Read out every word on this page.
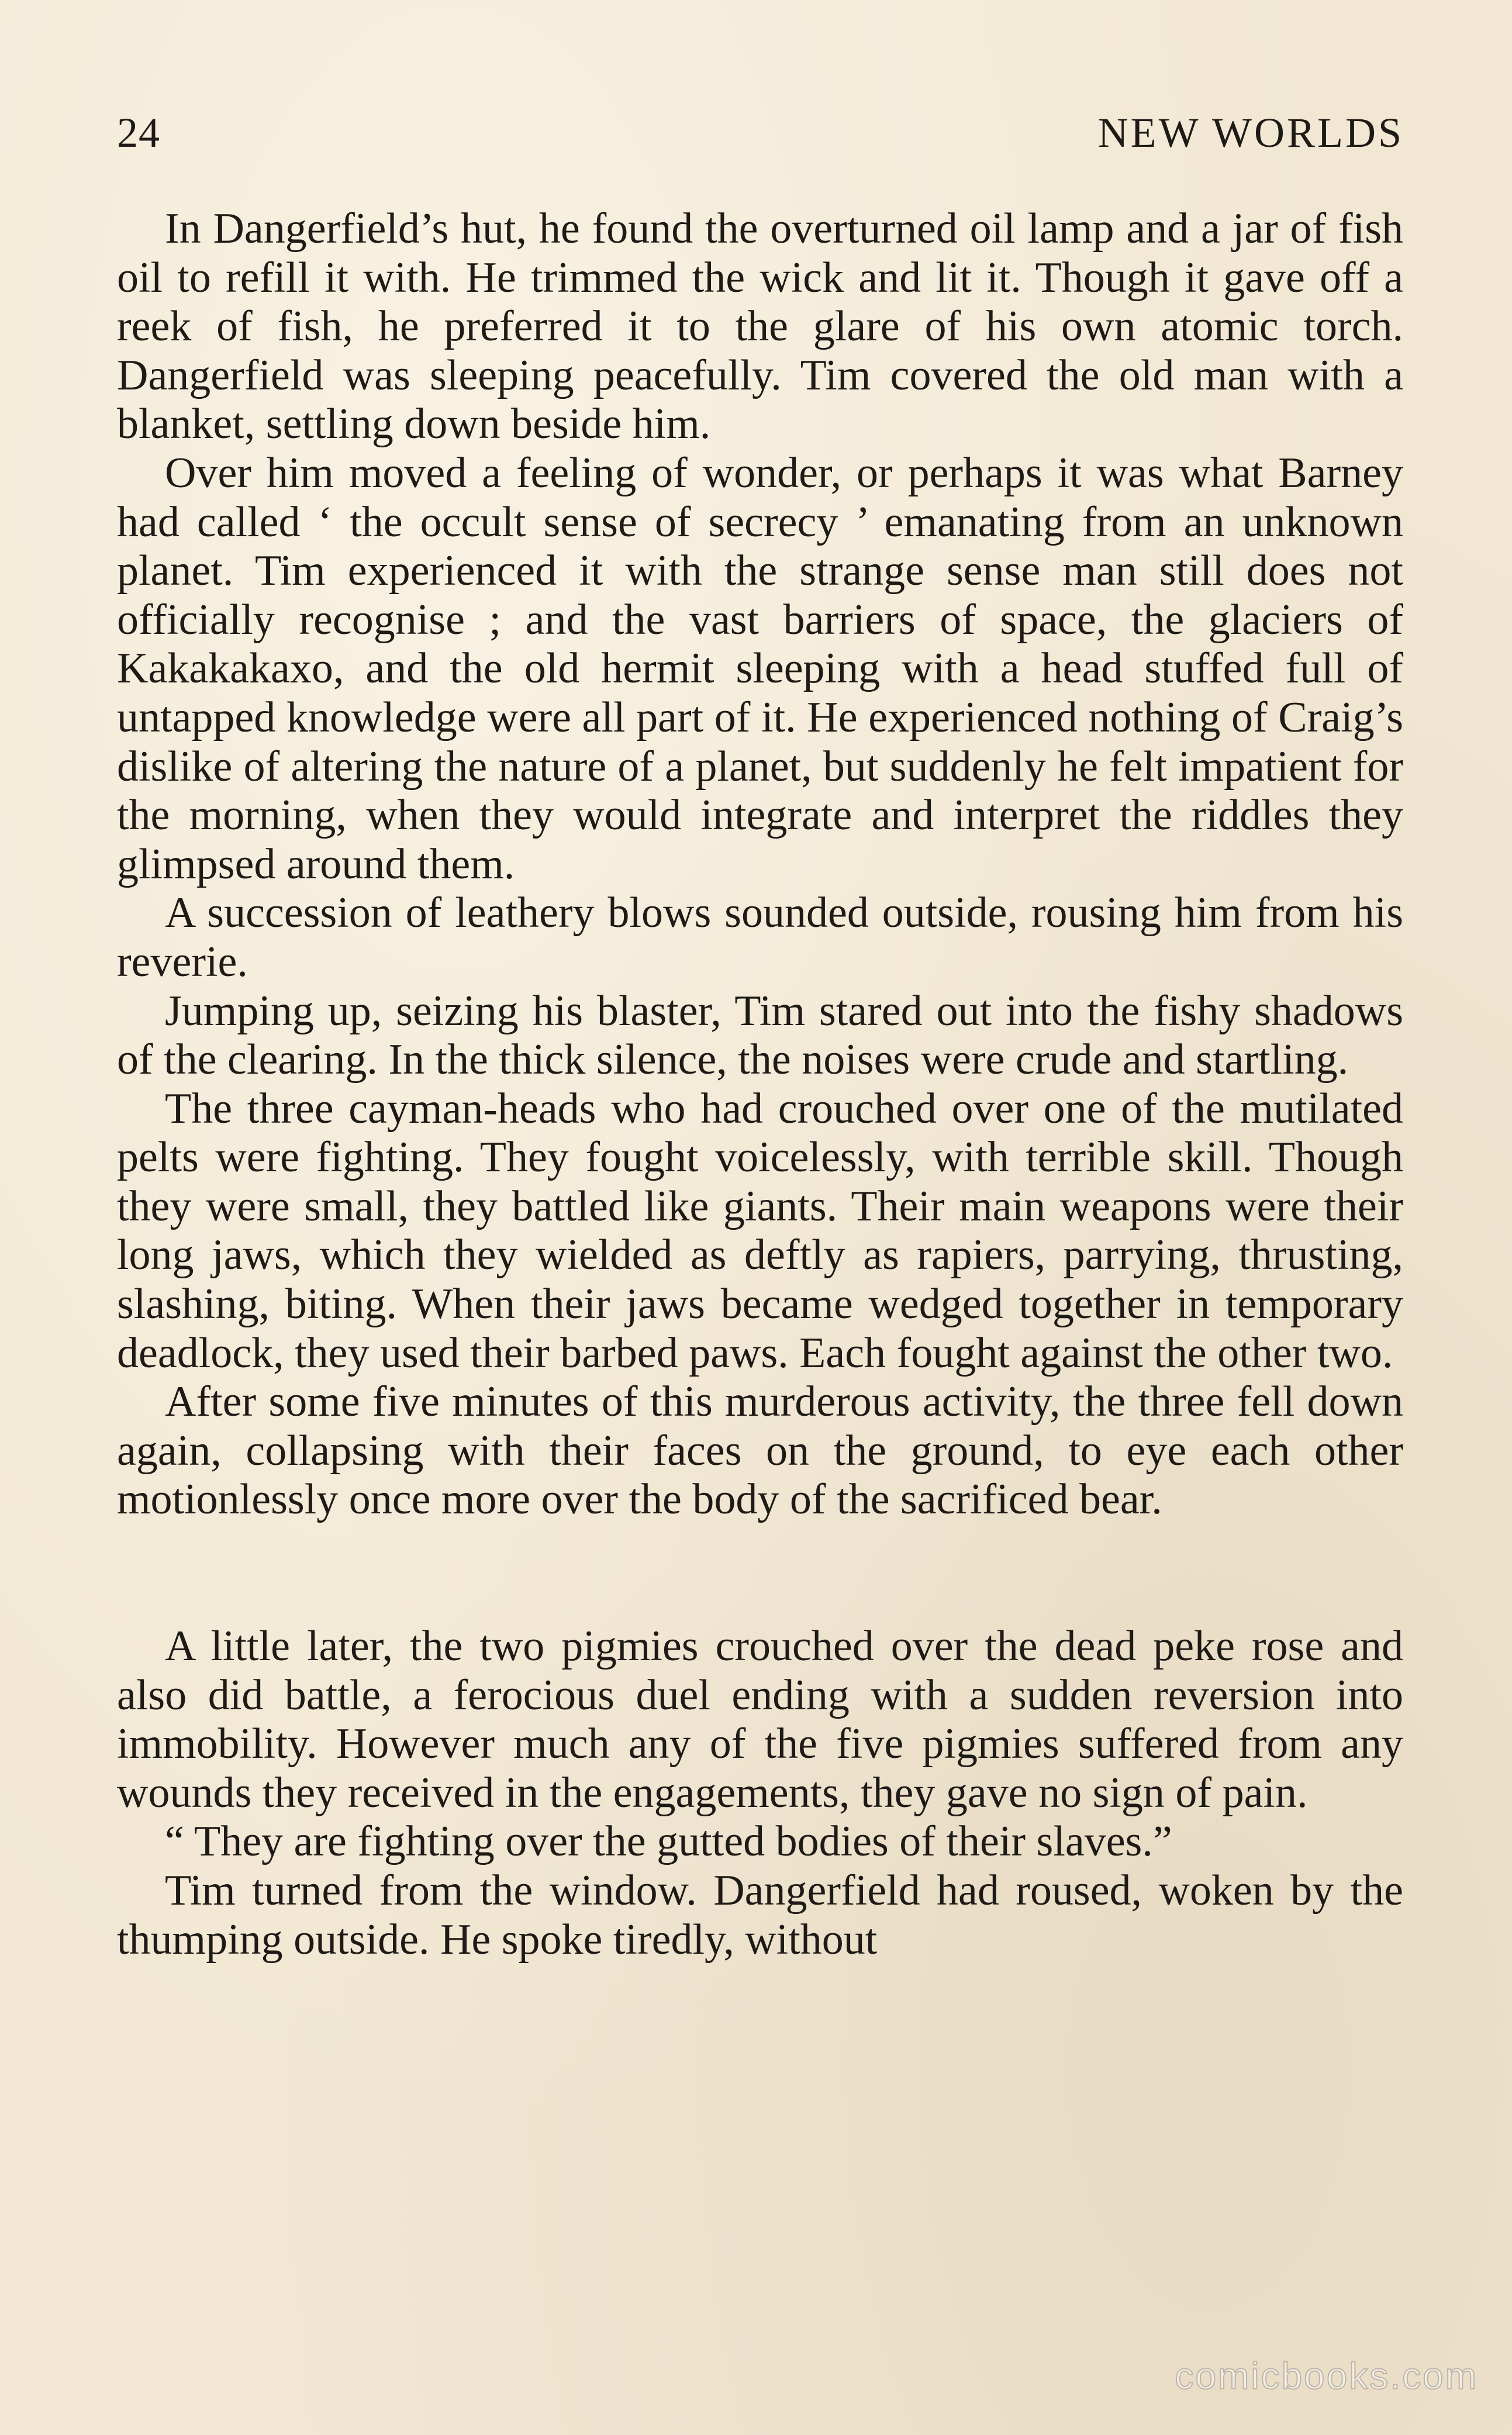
24	NEW WORLDS

In Dangerfield’s hut, he found the overturned oil lamp and a jar of fish oil to refill it with. He trimmed the wick and lit it. Though it gave off a reek of fish, he preferred it to the glare of his own atomic torch. Dangerfield was sleeping peacefully. Tim covered the old man with a blanket, settling down beside him.

Over him moved a feeling of wonder, or perhaps it was what Barney had called ‘ the occult sense of secrecy ’ emanating from an unknown planet. Tim experienced it with the strange sense man still does not officially recognise ; and the vast barriers of space, the glaciers of Kakakakaxo, and the old hermit sleeping with a head stuffed full of untapped knowledge were all part of it. He experienced nothing of Craig’s dislike of altering the nature of a planet, but suddenly he felt impatient for the morning, when they would integrate and interpret the riddles they glimpsed around them.

A succession of leathery blows sounded outside, rousing him from his reverie.

Jumping up, seizing his blaster, Tim stared out into the fishy shadows of the clearing. In the thick silence, the noises were crude and startling.

The three cayman-heads who had crouched over one of the mutilated pelts were fighting. They fought voicelessly, with terrible skill. Though they were small, they battled like giants. Their main weapons were their long jaws, which they wielded as deftly as rapiers, parrying, thrusting, slashing, biting. When their jaws became wedged together in temporary deadlock, they used their barbed paws. Each fought against the other two.

After some five minutes of this murderous activity, the three fell down again, collapsing with their faces on the ground, to eye each other motionlessly once more over the body of the sacrificed bear.

A little later, the two pigmies crouched over the dead peke rose and also did battle, a ferocious duel ending with a sudden reversion into immobility. However much any of the five pigmies suffered from any wounds they received in the engagements, they gave no sign of pain.

“ They are fighting over the gutted bodies of their slaves.”

Tim turned from the window. Dangerfield had roused, woken by the thumping outside. He spoke tiredly, without

comicbooks.com
